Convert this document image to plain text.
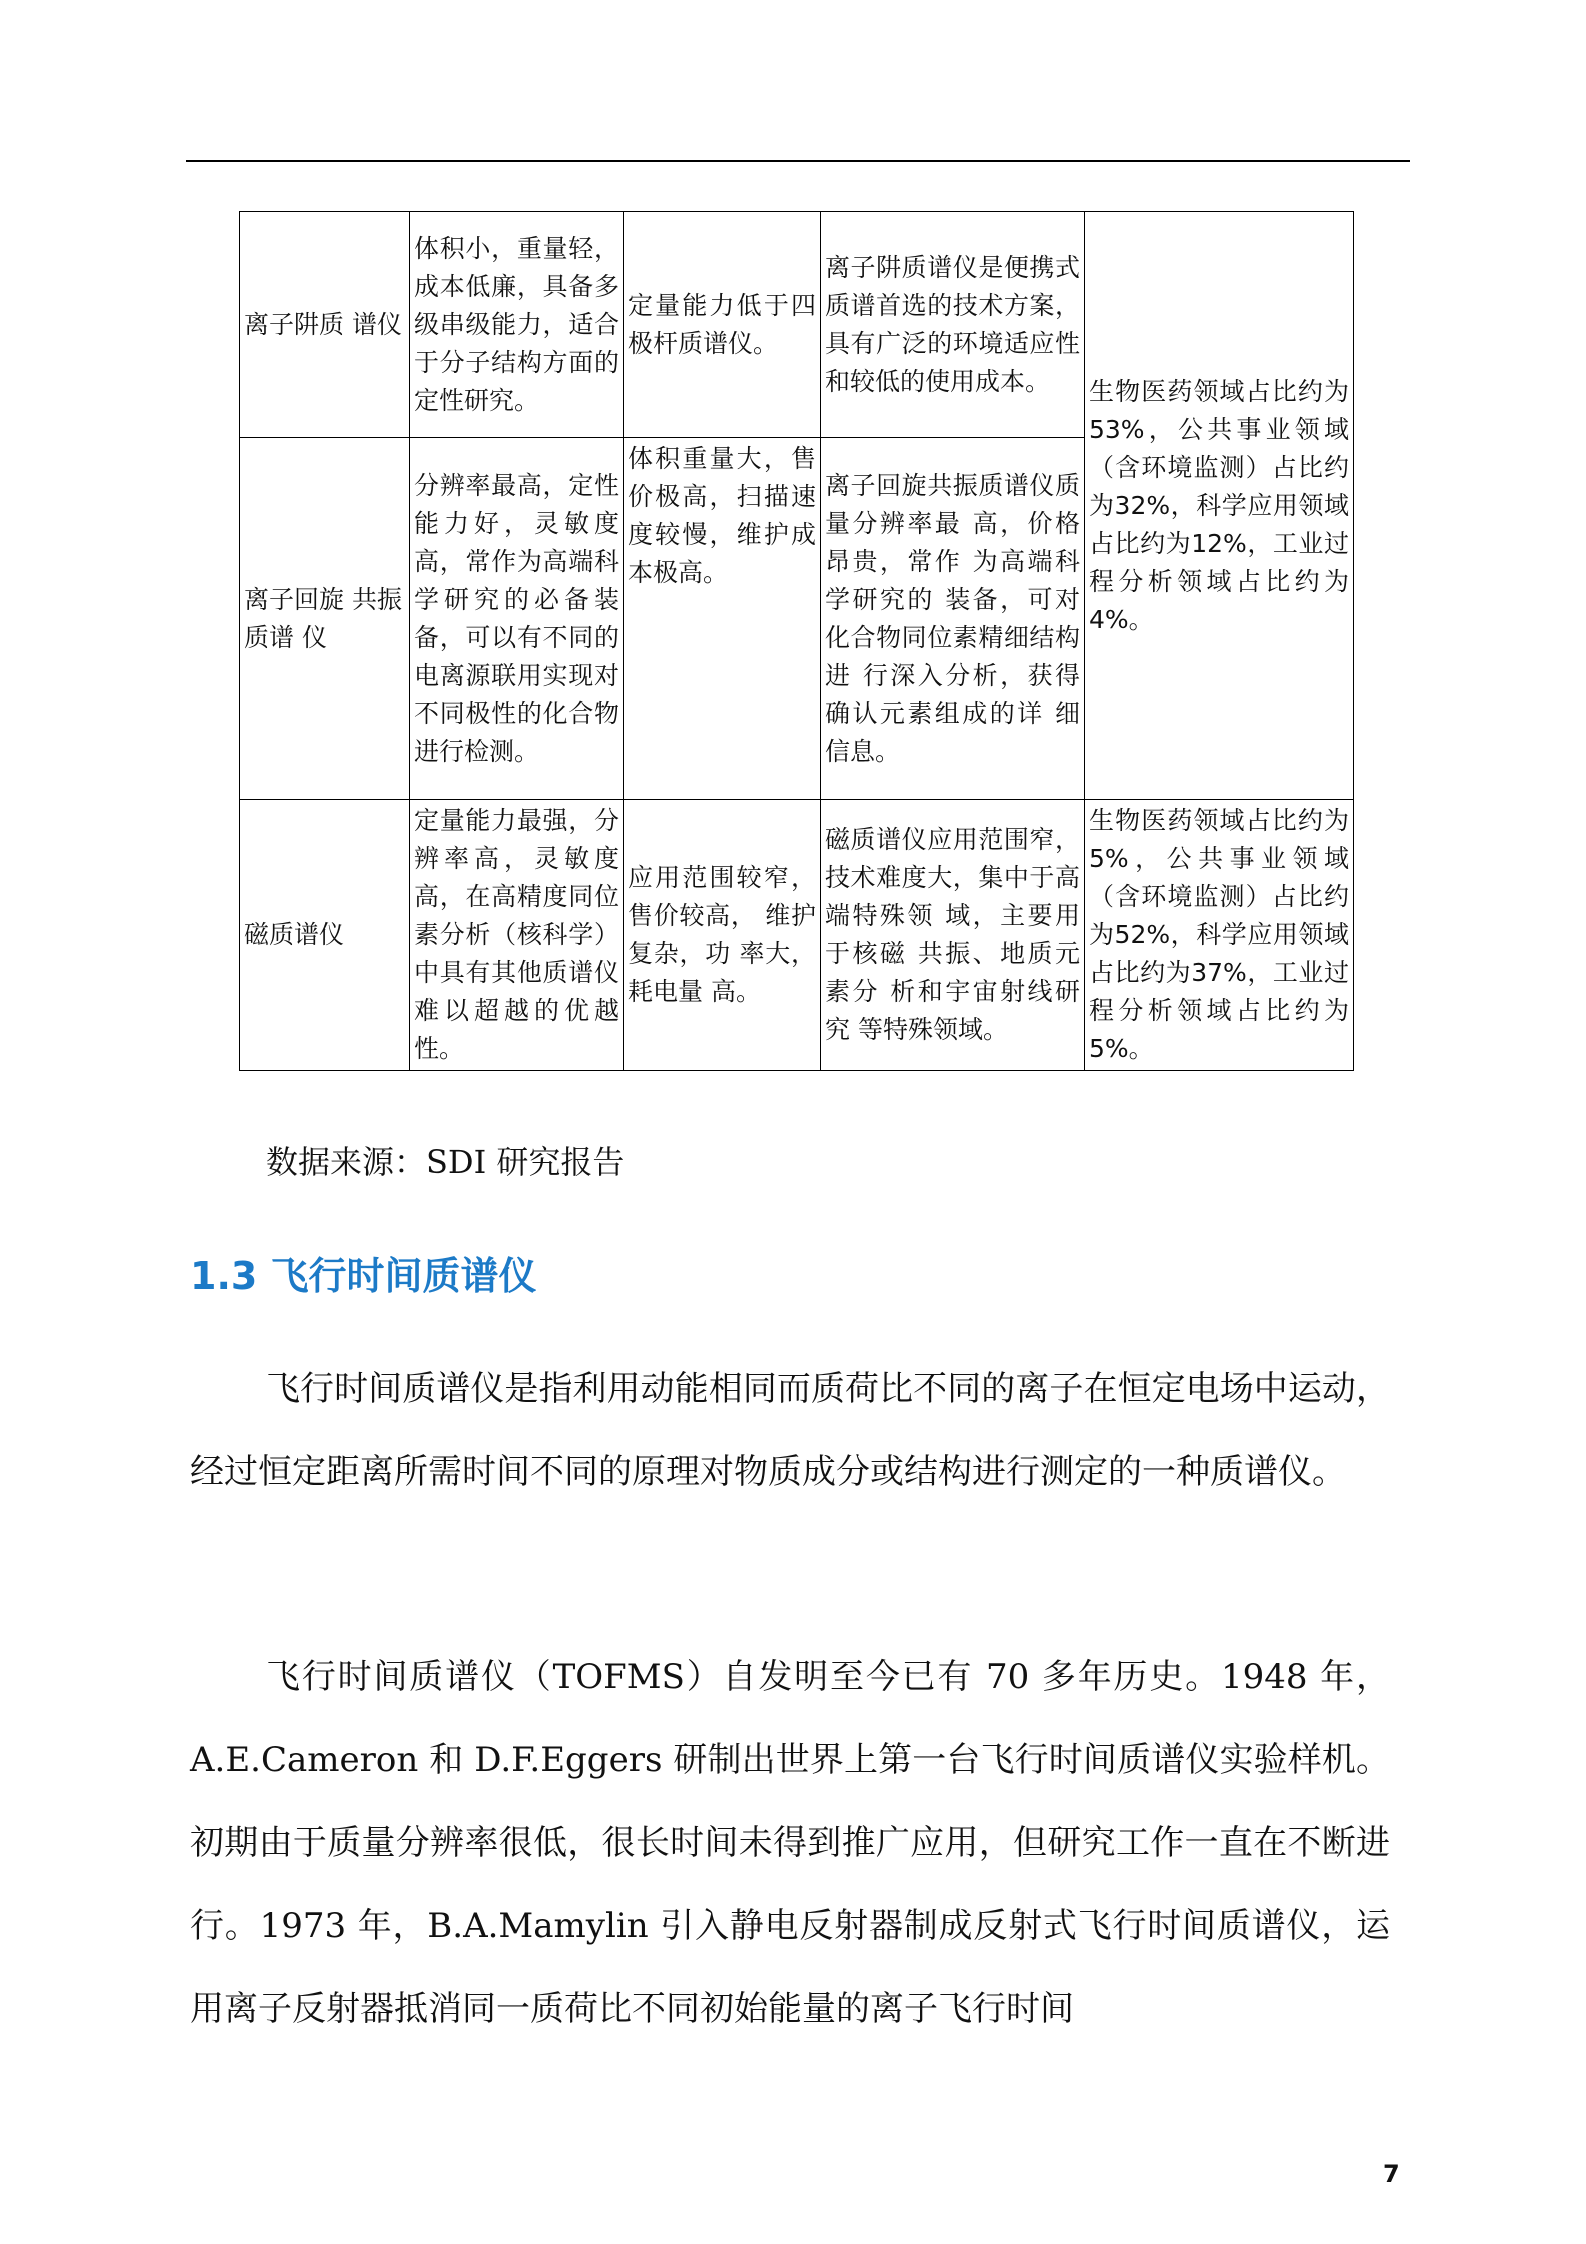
离子阱质 谱仪	体积小，重量轻，成本低廉，具备多级串级能力，适合于分子结构方面的定性研究。	定量能力低于四极杆质谱仪。	离子阱质谱仪是便携式质谱首选的技术方案，具有广泛的环境适应性和较低的使用成本。	生物医药领域占比约为53%，公共事业领域（含环境监测）占比约为32%，科学应用领域占比约为12%，工业过程分析领域占比约为4%。
离子回旋 共振质谱 仪	分辨率最高，定性能力好，灵敏度高，常作为高端科学研究的必备装备，可以有不同的电离源联用实现对不同极性的化合物进行检测。	体积重量大，售价极高，扫描速度较慢，维护成本极高。	离子回旋共振质谱仪质量分辨率最 高，价格昂贵，常作 为高端科学研究的 装备，可对化合物同位素精细结构进 行深入分析，获得 确认元素组成的详 细信息。	
磁质谱仪	定量能力最强，分辨率高，灵敏度高，在高精度同位素分析（核科学）中具有其他质谱仪难以超越的优越性。	应用范围较窄，售价较高， 维护复杂，功 率大，耗电量 高。	磁质谱仪应用范围窄，技术难度大，集中于高端特殊领 域，主要用于核磁 共振、地质元素分 析和宇宙射线研究 等特殊领域。	生物医药领域占比约为5%，公共事业领域（含环境监测）占比约为52%，科学应用领域占比约为37%，工业过程分析领域占比约为5%。
数据来源：SDI 研究报告
1.3 飞行时间质谱仪

飞行时间质谱仪是指利用动能相同而质荷比不同的离子在恒定电场中运动，经过恒定距离所需时间不同的原理对物质成分或结构进行测定的一种质谱仪。

飞行时间质谱仪（TOFMS）自发明至今已有 70 多年历史。1948 年，A.E.Cameron 和 D.F.Eggers 研制出世界上第一台飞行时间质谱仪实验样机。初期由于质量分辨率很低，很长时间未得到推广应用，但研究工作一直在不断进行。1973 年，B.A.Mamylin 引入静电反射器制成反射式飞行时间质谱仪，运用离子反射器抵消同一质荷比不同初始能量的离子飞行时间

7
